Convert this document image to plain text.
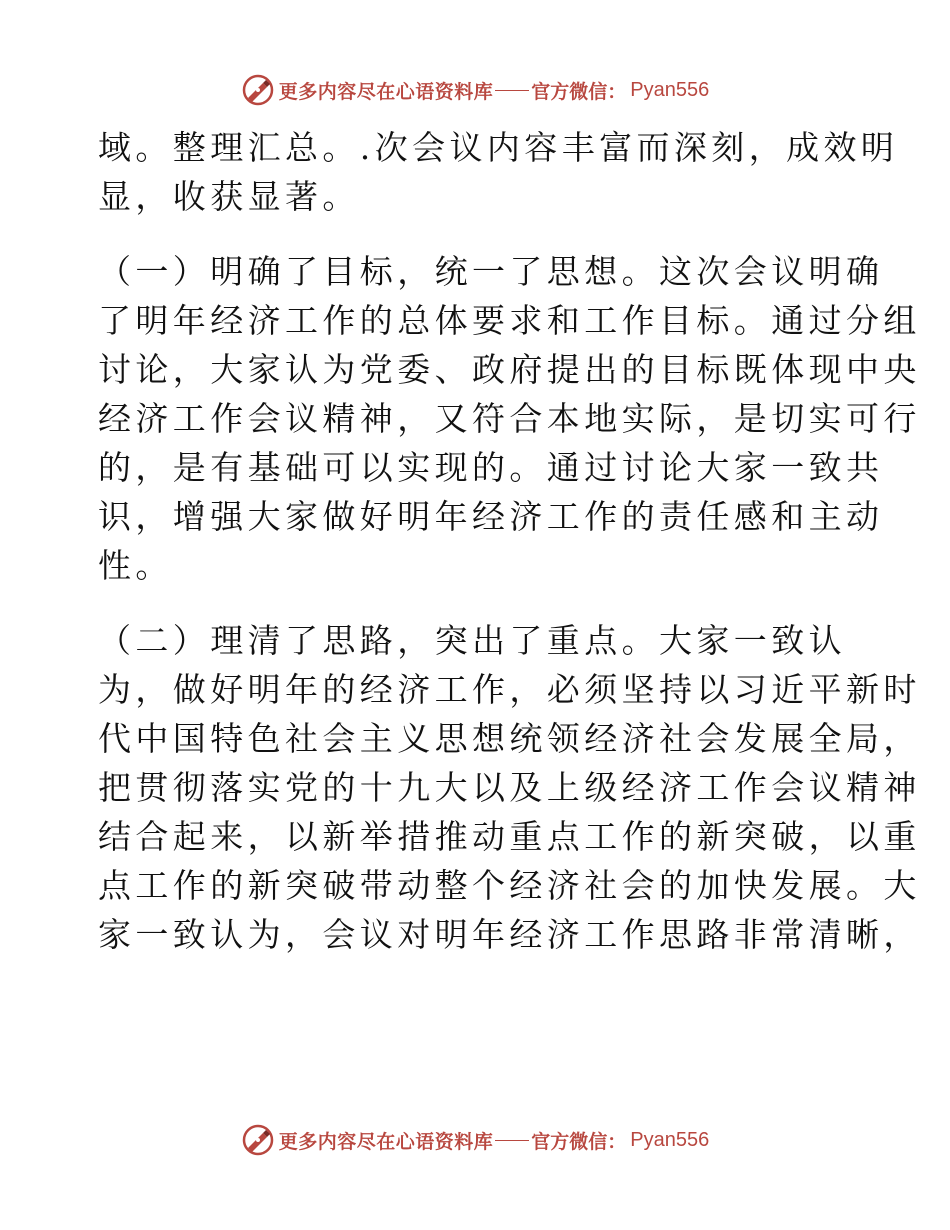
更多内容尽在心语资料库 官方微信： Pyan556
域。整理汇总。.次会议内容丰富而深刻，成效明
显，收获显著。
（一）明确了目标，统一了思想。这次会议明确
了明年经济工作的总体要求和工作目标。通过分组
讨论，大家认为党委、政府提出的目标既体现中央
经济工作会议精神，又符合本地实际，是切实可行
的，是有基础可以实现的。通过讨论大家一致共
识，增强大家做好明年经济工作的责任感和主动
性。
（二）理清了思路，突出了重点。大家一致认
为，做好明年的经济工作，必须坚持以习近平新时
代中国特色社会主义思想统领经济社会发展全局，
把贯彻落实党的十九大以及上级经济工作会议精神
结合起来，以新举措推动重点工作的新突破，以重
点工作的新突破带动整个经济社会的加快发展。大
家一致认为，会议对明年经济工作思路非常清晰，
更多内容尽在心语资料库 官方微信： Pyan556
